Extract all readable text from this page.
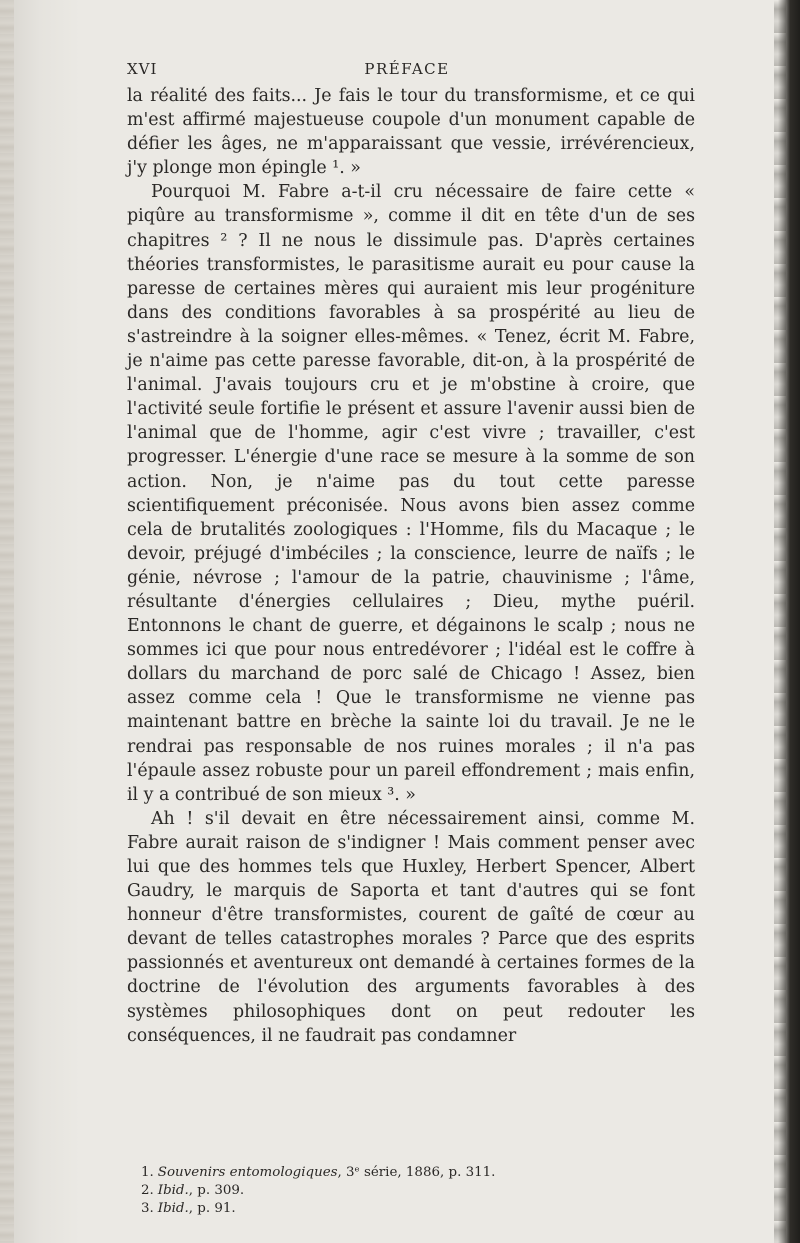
XVI	PRÉFACE

la réalité des faits... Je fais le tour du transformisme, et ce qui m'est affirmé majestueuse coupole d'un monument capable de défier les âges, ne m'apparaissant que vessie, irrévérencieux, j'y plonge mon épingle ¹. »

Pourquoi M. Fabre a-t-il cru nécessaire de faire cette « piqûre au transformisme », comme il dit en tête d'un de ses chapitres ² ? Il ne nous le dissimule pas. D'après certaines théories transformistes, le parasitisme aurait eu pour cause la paresse de certaines mères qui auraient mis leur progéniture dans des conditions favorables à sa prospérité au lieu de s'astreindre à la soigner elles-mêmes. « Tenez, écrit M. Fabre, je n'aime pas cette paresse favorable, dit-on, à la prospérité de l'animal. J'avais toujours cru et je m'obstine à croire, que l'activité seule fortifie le présent et assure l'avenir aussi bien de l'animal que de l'homme, agir c'est vivre ; travailler, c'est progresser. L'énergie d'une race se mesure à la somme de son action. Non, je n'aime pas du tout cette paresse scientifiquement préconisée. Nous avons bien assez comme cela de brutalités zoologiques : l'Homme, fils du Macaque ; le devoir, préjugé d'imbéciles ; la conscience, leurre de naïfs ; le génie, névrose ; l'amour de la patrie, chauvinisme ; l'âme, résultante d'énergies cellulaires ; Dieu, mythe puéril. Entonnons le chant de guerre, et dégainons le scalp ; nous ne sommes ici que pour nous entredévorer ; l'idéal est le coffre à dollars du marchand de porc salé de Chicago ! Assez, bien assez comme cela ! Que le transformisme ne vienne pas maintenant battre en brèche la sainte loi du travail. Je ne le rendrai pas responsable de nos ruines morales ; il n'a pas l'épaule assez robuste pour un pareil effondrement ; mais enfin, il y a contribué de son mieux ³. »

Ah ! s'il devait en être nécessairement ainsi, comme M. Fabre aurait raison de s'indigner ! Mais comment penser avec lui que des hommes tels que Huxley, Herbert Spencer, Albert Gaudry, le marquis de Saporta et tant d'autres qui se font honneur d'être transformistes, courent de gaîté de cœur au devant de telles catastrophes morales ? Parce que des esprits passionnés et aventureux ont demandé à certaines formes de la doctrine de l'évolution des arguments favorables à des systèmes philosophiques dont on peut redouter les conséquences, il ne faudrait pas condamner

1. Souvenirs entomologiques, 3ᵉ série, 1886, p. 311.
2. Ibid., p. 309.
3. Ibid., p. 91.
